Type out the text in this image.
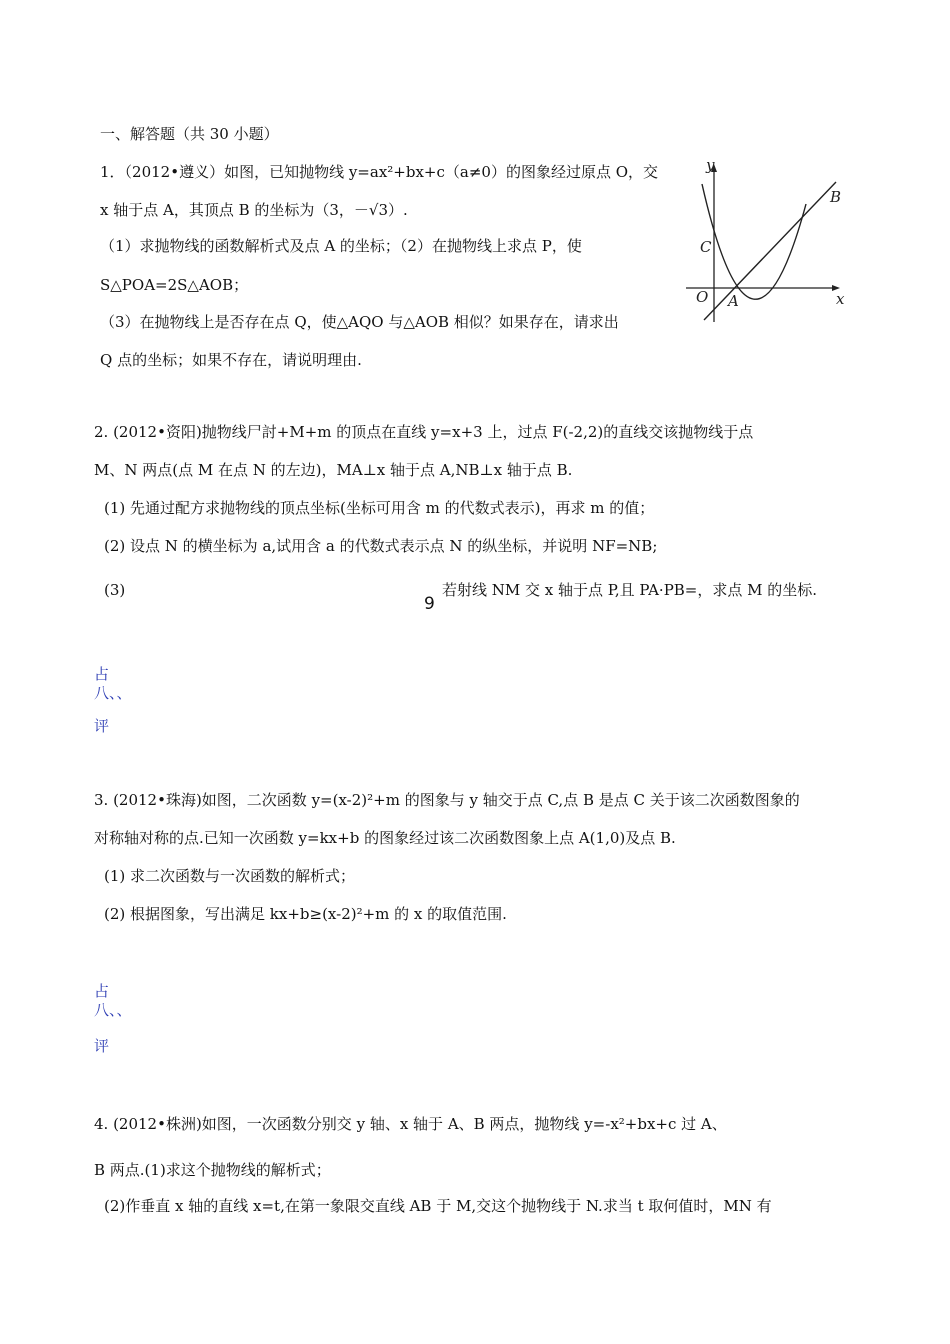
一、解答题（共 30 小题）
1．（2012•遵义）如图，已知抛物线 y=ax²+bx+c（a≠0）的图象经过原点 O，交
x 轴于点 A，其顶点 B 的坐标为（3，－√3）.
（1）求抛物线的函数解析式及点 A 的坐标；（2）在抛物线上求点 P，使
S△POA=2S△AOB；
（3）在抛物线上是否存在点 Q，使△AQO 与△AOB 相似？如果存在，请求出
Q 点的坐标；如果不存在，请说明理由.
y
x
B
C
O A
2. (2012•资阳)抛物线尸討+M+m 的顶点在直线 y=x+3 上，过点 F(-2,2)的直线交该抛物线于点
M、N 两点(点 M 在点 N 的左边)，MA⊥x 轴于点 A,NB⊥x 轴于点 B.
(1) 先通过配方求抛物线的顶点坐标(坐标可用含 m 的代数式表示)，再求 m 的值；
(2) 设点 N 的横坐标为 a,试用含 a 的代数式表示点 N 的纵坐标，并说明 NF=NB;
(3)
9
若射线 NM 交 x 轴于点 P,且 PA·PB=，求点 M 的坐标.
占
八、、
评
3. (2012•珠海)如图，二次函数 y=(x-2)²+m 的图象与 y 轴交于点 C,点 B 是点 C 关于该二次函数图象的
对称轴对称的点.已知一次函数 y=kx+b 的图象经过该二次函数图象上点 A(1,0)及点 B.
(1) 求二次函数与一次函数的解析式；
(2) 根据图象，写出满足 kx+b≥(x-2)²+m 的 x 的取值范围.
占
八、、
评
4. (2012•株洲)如图，一次函数分别交 y 轴、x 轴于 A、B 两点，抛物线 y=-x²+bx+c 过 A、
B 两点.(1)求这个抛物线的解析式；
(2)作垂直 x 轴的直线 x=t,在第一象限交直线 AB 于 M,交这个抛物线于 N.求当 t 取何值时，MN 有
